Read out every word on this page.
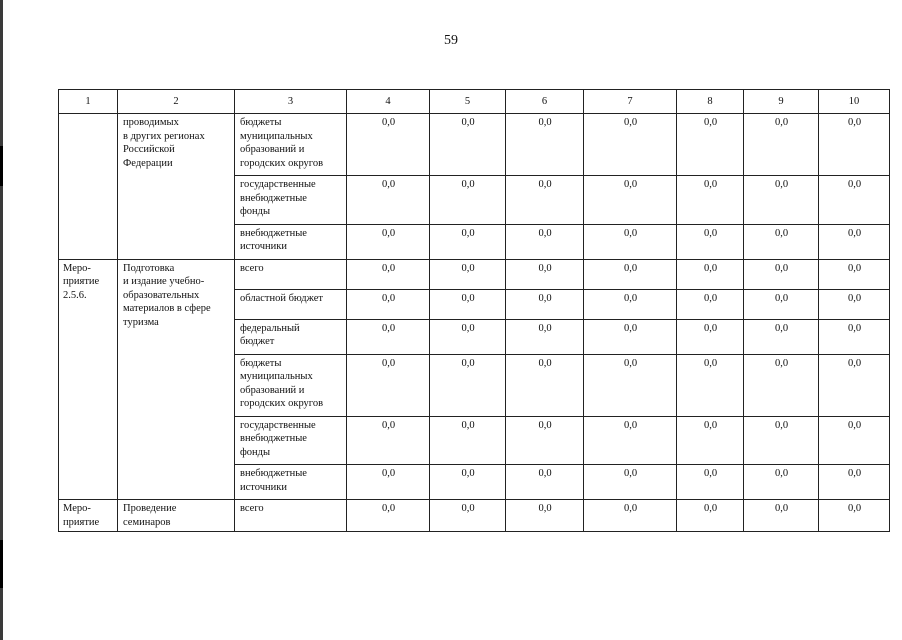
59
1	2	3	4	5	6	7	8	9	10

	проводимых
в других регионах
Российской
Федерации	бюджеты
муниципальных
образований и
городских округов	0,0	0,0	0,0	0,0	0,0	0,0	0,0

		государственные
внебюджетные
фонды	0,0	0,0	0,0	0,0	0,0	0,0	0,0

		внебюджетные
источники	0,0	0,0	0,0	0,0	0,0	0,0	0,0

Меро-
приятие
2.5.6.	Подготовка
и издание учебно-
образовательных
материалов в сфере
туризма	всего	0,0	0,0	0,0	0,0	0,0	0,0	0,0

		областной бюджет	0,0	0,0	0,0	0,0	0,0	0,0	0,0

		федеральный
бюджет	0,0	0,0	0,0	0,0	0,0	0,0	0,0

		бюджеты
муниципальных
образований и
городских округов	0,0	0,0	0,0	0,0	0,0	0,0	0,0

		государственные
внебюджетные
фонды	0,0	0,0	0,0	0,0	0,0	0,0	0,0

		внебюджетные
источники	0,0	0,0	0,0	0,0	0,0	0,0	0,0

Меро-
приятие	Проведение
семинаров	всего	0,0	0,0	0,0	0,0	0,0	0,0	0,0
